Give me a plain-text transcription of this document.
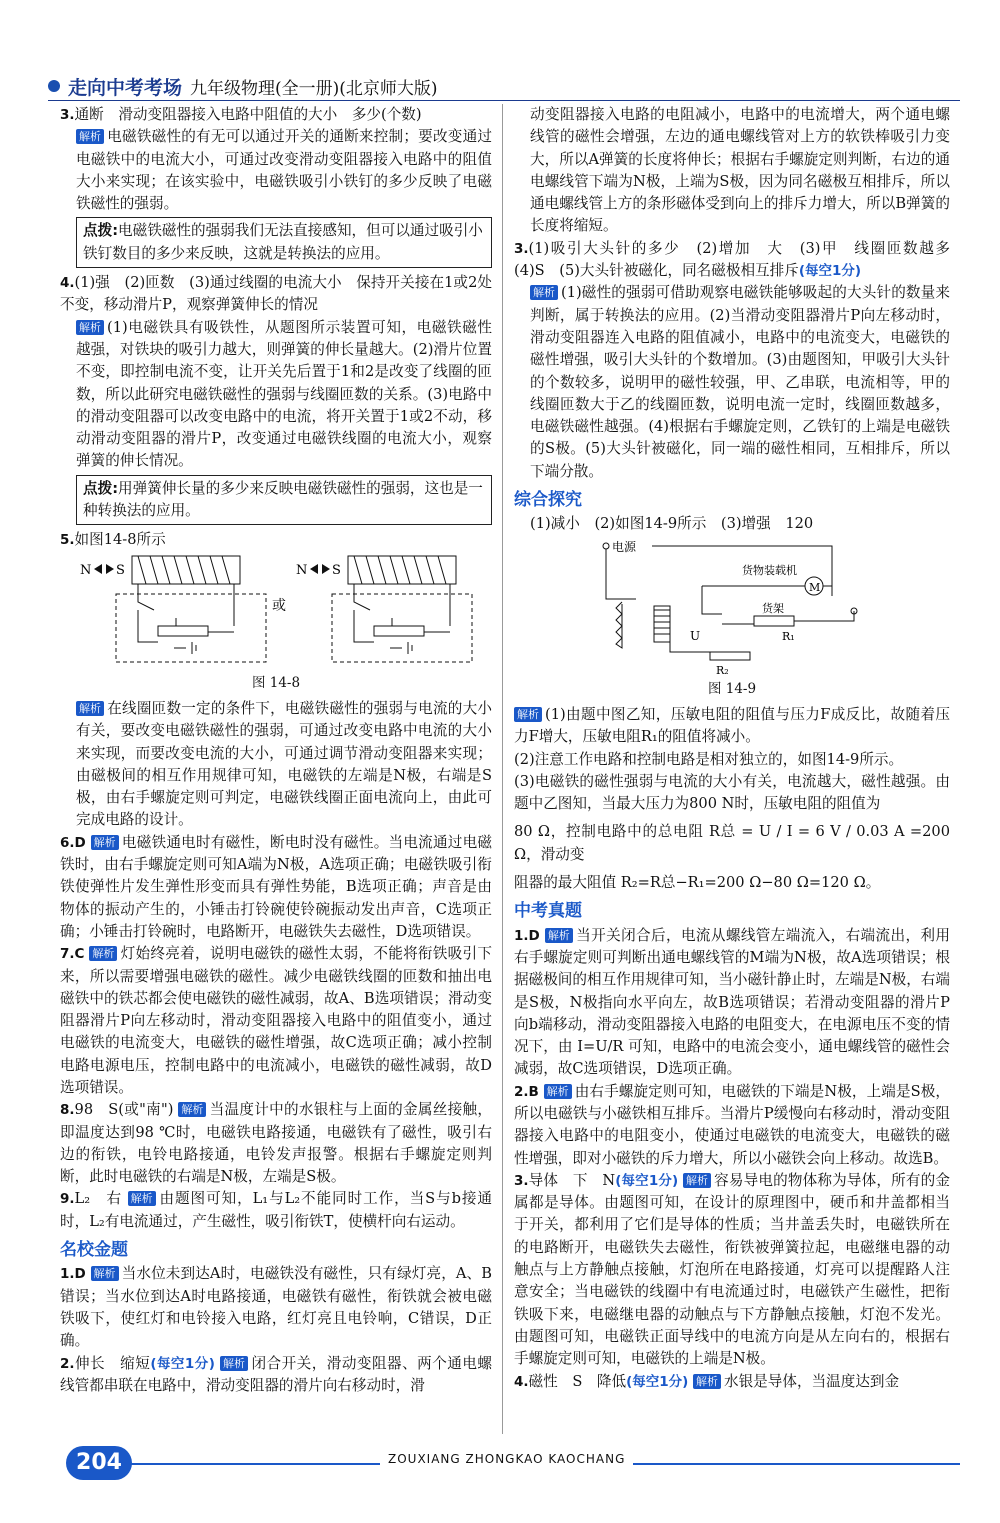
走向中考考场 九年级物理(全一册)(北京师大版)

3.通断　滑动变阻器接入电路中阻值的大小　多少(个数)

解析 电磁铁磁性的有无可以通过开关的通断来控制；要改变通过电磁铁中的电流大小，可通过改变滑动变阻器接入电路中的阻值大小来实现；在该实验中，电磁铁吸引小铁钉的多少反映了电磁铁磁性的强弱。

点拨:电磁铁磁性的强弱我们无法直接感知，但可以通过吸引小铁钉数目的多少来反映，这就是转换法的应用。

4.(1)强　(2)匝数　(3)通过线圈的电流大小　保持开关接在1或2处不变，移动滑片P，观察弹簧伸长的情况

解析 (1)电磁铁具有吸铁性，从题图所示装置可知，电磁铁磁性越强，对铁块的吸引力越大，则弹簧的伸长量越大。(2)滑片位置不变，即控制电流不变，让开关先后置于1和2是改变了线圈的匝数，所以此研究电磁铁磁性的强弱与线圈匝数的关系。(3)电路中的滑动变阻器可以改变电路中的电流，将开关置于1或2不动，移动滑动变阻器的滑片P，改变通过电磁铁线圈的电流大小，观察弹簧的伸长情况。

点拨:用弹簧伸长量的多少来反映电磁铁磁性的强弱，这也是一种转换法的应用。

5.如图14-8所示

N S
或
N S
图 14-8

解析 在线圈匝数一定的条件下，电磁铁磁性的强弱与电流的大小有关，要改变电磁铁磁性的强弱，可通过改变电路中电流的大小来实现，而要改变电流的大小，可通过调节滑动变阻器来实现；由磁极间的相互作用规律可知，电磁铁的左端是N极，右端是S极，由右手螺旋定则可判定，电磁铁线圈正面电流向上，由此可完成电路的设计。

6.D 解析 电磁铁通电时有磁性，断电时没有磁性。当电流通过电磁铁时，由右手螺旋定则可知A端为N极，A选项正确；电磁铁吸引衔铁使弹性片发生弹性形变而具有弹性势能，B选项正确；声音是由物体的振动产生的，小锤击打铃碗使铃碗振动发出声音，C选项正确；小锤击打铃碗时，电路断开，电磁铁失去磁性，D选项错误。

7.C 解析 灯始终亮着，说明电磁铁的磁性太弱，不能将衔铁吸引下来，所以需要增强电磁铁的磁性。减少电磁铁线圈的匝数和抽出电磁铁中的铁芯都会使电磁铁的磁性减弱，故A、B选项错误；滑动变阻器滑片P向左移动时，滑动变阻器接入电路中的阻值变小，通过电磁铁的电流变大，电磁铁的磁性增强，故C选项正确；减小控制电路电源电压，控制电路中的电流减小，电磁铁的磁性减弱，故D选项错误。

8.98　S(或"南") 解析 当温度计中的水银柱与上面的金属丝接触，即温度达到98 ℃时，电磁铁电路接通，电磁铁有了磁性，吸引右边的衔铁，电铃电路接通，电铃发声报警。根据右手螺旋定则判断，此时电磁铁的右端是N极，左端是S极。

9.L₂　右 解析 由题图可知，L₁与L₂不能同时工作，当S与b接通时，L₂有电流通过，产生磁性，吸引衔铁T，使横杆向右运动。

名校金题

1.D 解析 当水位未到达A时，电磁铁没有磁性，只有绿灯亮，A、B错误；当水位到达A时电路接通，电磁铁有磁性，衔铁就会被电磁铁吸下，使红灯和电铃接入电路，红灯亮且电铃响，C错误，D正确。

2.伸长　缩短(每空1分) 解析 闭合开关，滑动变阻器、两个通电螺线管都串联在电路中，滑动变阻器的滑片向右移动时，滑

动变阻器接入电路的电阻减小，电路中的电流增大，两个通电螺线管的磁性会增强，左边的通电螺线管对上方的软铁棒吸引力变大，所以A弹簧的长度将伸长；根据右手螺旋定则判断，右边的通电螺线管下端为N极，上端为S极，因为同名磁极互相排斥，所以通电螺线管上方的条形磁体受到向上的排斥力增大，所以B弹簧的长度将缩短。

3.(1)吸引大头针的多少　(2)增加　大　(3)甲　线圈匝数越多　(4)S　(5)大头针被磁化，同名磁极相互排斥(每空1分)

解析 (1)磁性的强弱可借助观察电磁铁能够吸起的大头针的数量来判断，属于转换法的应用。(2)当滑动变阻器滑片P向左移动时，滑动变阻器连入电路的阻值减小，电路中的电流变大，电磁铁的磁性增强，吸引大头针的个数增加。(3)由题图知，甲吸引大头针的个数较多，说明甲的磁性较强，甲、乙串联，电流相等，甲的线圈匝数大于乙的线圈匝数，说明电流一定时，线圈匝数越多，电磁铁磁性越强。(4)根据右手螺旋定则，乙铁钉的上端是电磁铁的S极。(5)大头针被磁化，同一端的磁性相同，互相排斥，所以下端分散。

综合探究

(1)减小　(2)如图14-9所示　(3)增强　120

电源
货物装载机
M
货架
R₁
U
R₂
图 14-9

解析 (1)由题中图乙知，压敏电阻的阻值与压力F成反比，故随着压力F增大，压敏电阻R₁的阻值将减小。

(2)注意工作电路和控制电路是相对独立的，如图14-9所示。

(3)电磁铁的磁性强弱与电流的大小有关，电流越大，磁性越强。由题中乙图知，当最大压力为800 N时，压敏电阻的阻值为

80 Ω，控制电路中的总电阻 R总 = U / I = 6 V / 0.03 A =200 Ω，滑动变

阻器的最大阻值 R₂=R总−R₁=200 Ω−80 Ω=120 Ω。

中考真题

1.D 解析 当开关闭合后，电流从螺线管左端流入，右端流出，利用右手螺旋定则可判断出通电螺线管的M端为N极，故A选项错误；根据磁极间的相互作用规律可知，当小磁针静止时，左端是N极，右端是S极，N极指向水平向左，故B选项错误；若滑动变阻器的滑片P向b端移动，滑动变阻器接入电路的电阻变大，在电源电压不变的情况下，由 I=U/R 可知，电路中的电流会变小，通电螺线管的磁性会减弱，故C选项错误，D选项正确。

2.B 解析 由右手螺旋定则可知，电磁铁的下端是N极，上端是S极，所以电磁铁与小磁铁相互排斥。当滑片P缓慢向右移动时，滑动变阻器接入电路中的电阻变小，使通过电磁铁的电流变大，电磁铁的磁性增强，即对小磁铁的斥力增大，所以小磁铁会向上移动。故选B。

3.导体　下　N(每空1分) 解析 容易导电的物体称为导体，所有的金属都是导体。由题图可知，在设计的原理图中，硬币和井盖都相当于开关，都利用了它们是导体的性质；当井盖丢失时，电磁铁所在的电路断开，电磁铁失去磁性，衔铁被弹簧拉起，电磁继电器的动触点与上方静触点接触，灯泡所在电路接通，灯亮可以提醒路人注意安全；当电磁铁的线圈中有电流通过时，电磁铁产生磁性，把衔铁吸下来，电磁继电器的动触点与下方静触点接触，灯泡不发光。由题图可知，电磁铁正面导线中的电流方向是从左向右的，根据右手螺旋定则可知，电磁铁的上端是N极。

4.磁性　S　降低(每空1分) 解析 水银是导体，当温度达到金

ZOUXIANG ZHONGKAO KAOCHANG
204
